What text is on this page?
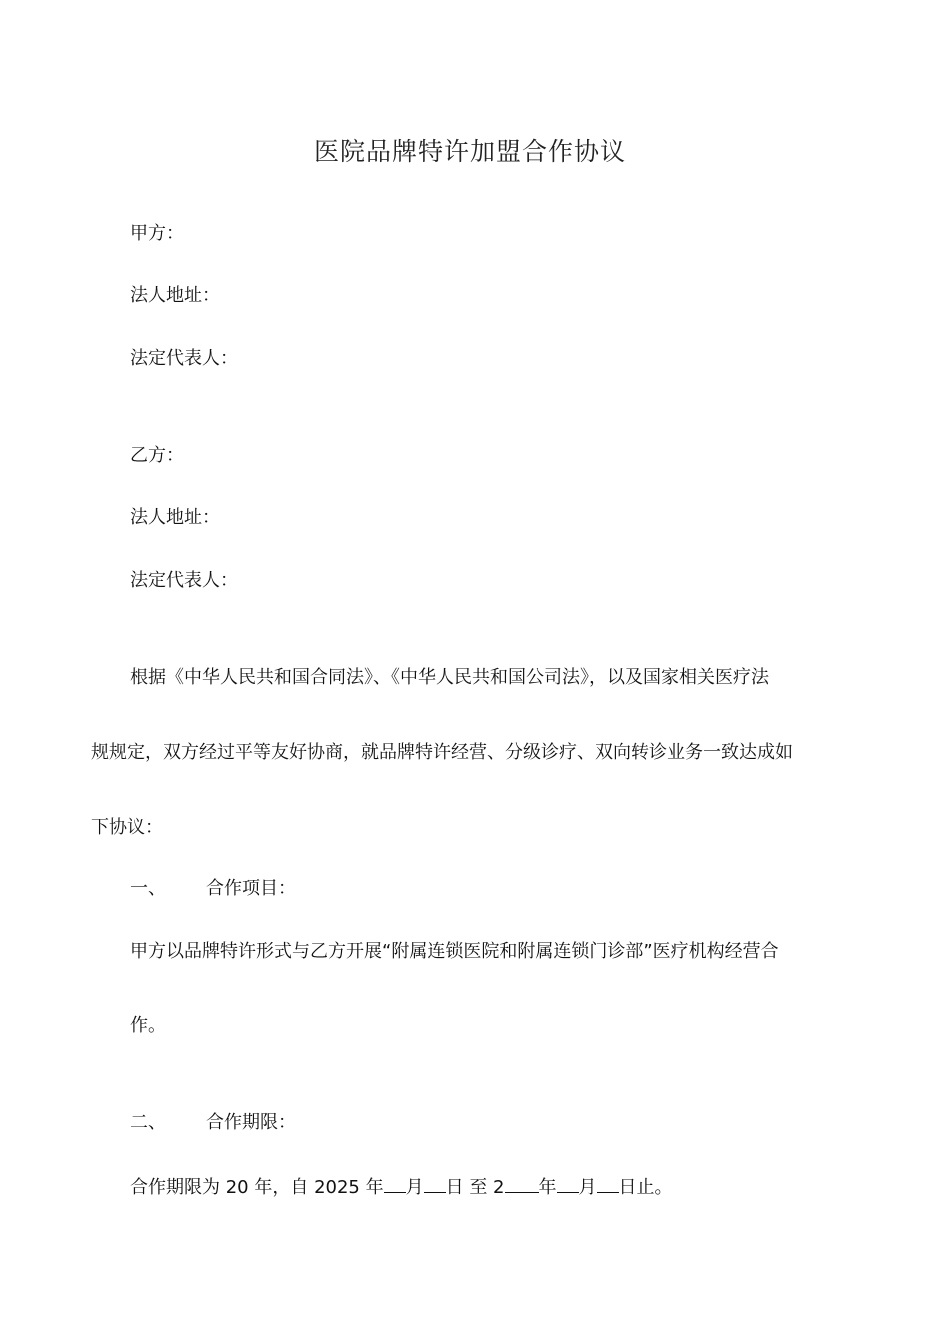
医院品牌特许加盟合作协议
甲方：
法人地址：
法定代表人：
乙方：
法人地址：
法定代表人：
根据《中华人民共和国合同法》、《中华人民共和国公司法》，以及国家相关医疗法
规规定，双方经过平等友好协商，就品牌特许经营、分级诊疗、双向转诊业务一致达成如
下协议：
一、 合作项目：
甲方以品牌特许形式与乙方开展“附属连锁医院和附属连锁门诊部”医疗机构经营合
作。
二、 合作期限：
合作期限为 20 年，自 2025 年 月 日 至 2 年 月 日止。
